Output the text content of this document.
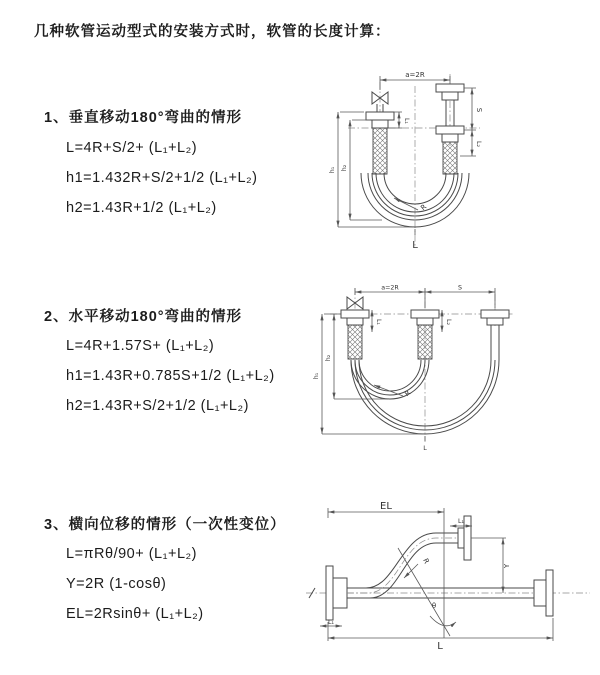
几种软管运动型式的安装方式时，软管的长度计算：
1、垂直移动180°弯曲的情形
L=4R+S/2+ (L₁+L₂)
h1=1.432R+S/2+1/2 (L₁+L₂)
h2=1.43R+1/2 (L₁+L₂)
2、水平移动180°弯曲的情形
L=4R+1.57S+ (L₁+L₂)
h1=1.43R+0.785S+1/2 (L₁+L₂)
h2=1.43R+S/2+1/2 (L₁+L₂)
3、横向位移的情形（一次性变位）
L=πRθ/90+ (L₁+L₂)
Y=2R (1-cosθ)
EL=2Rsinθ+ (L₁+L₂)
a=2R
S
L₂
h₁ h₂
L₁
R
L
a=2R	S
h₁
h₂
L₁	L₂
R
L
θ
R
EL
L₁
Y
L₁
L
